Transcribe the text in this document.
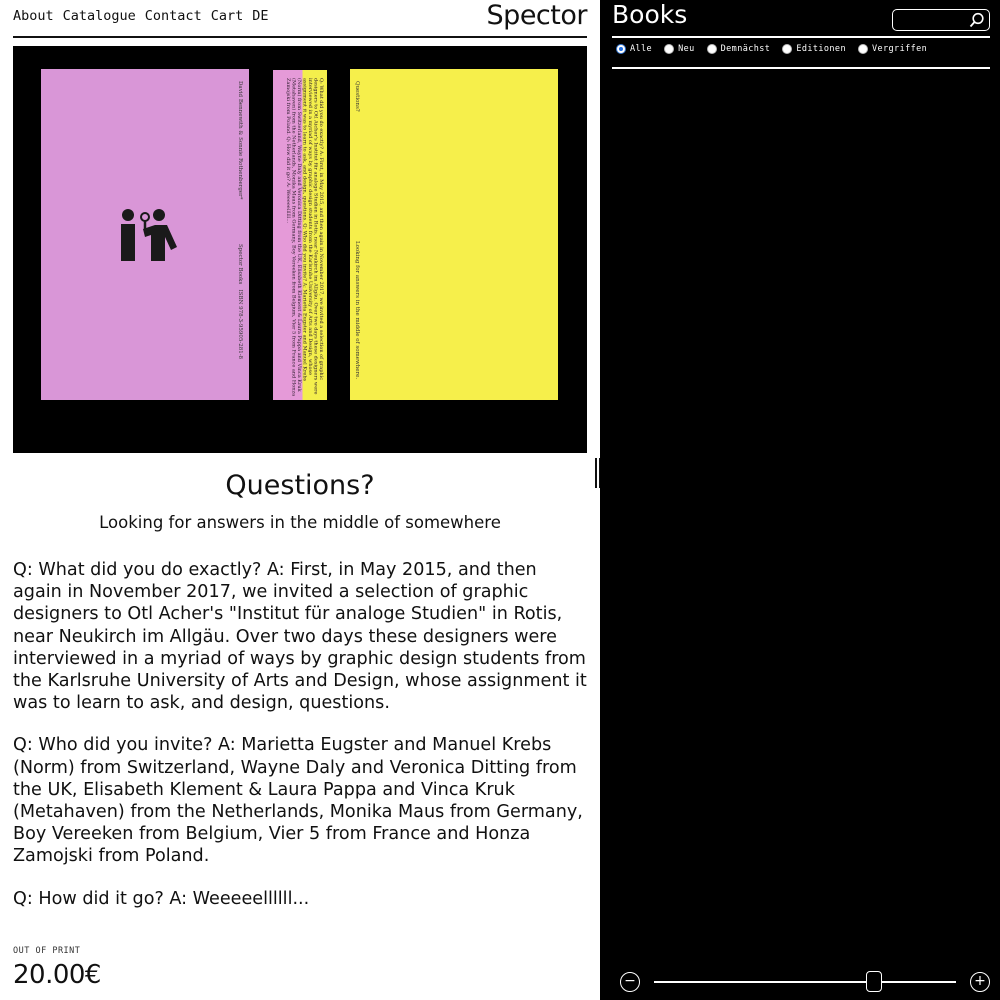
About Catalogue Contact Cart DE	Spector
David Bennewith & Sonnie Rothenberger*
Spector Books   ISBN 978-3-95905-281-8	Q: What did you do exactly? A: First, in May 2015, and then again in November 2017, we invited a selection of graphic designers to Otl Aicher's Institut für analoge Studien in Rotis, near Neukirch im Allgäu. Over two days these designers were interviewed in a myriad of ways by graphic design students from the Karlsruhe University of Arts and Design, whose assignment it was to learn to ask, and design, questions. Q: Who did you invite? A: Marietta Eugster and Manuel Krebs (Norm) from Switzerland, Wayne Daly and Veronica Ditting from the UK, Elisabeth Klement & Laura Pappa and Vinca Kruk (Metahaven) from the Netherlands, Monika Maus from Germany, Boy Vereeken from Belgium, Vier 5 from France and Honza Zamojski from Poland. Q: How did it go? A: Weeeeellllll...	Questions?
Looking for answers in the middle of somewhere.
Questions?
Looking for answers in the middle of somewhere

Q: What did you do exactly? A: First, in May 2015, and then again in November 2017, we invited a selection of graphic designers to Otl Acher's "Institut für analoge Studien" in Rotis, near Neukirch im Allgäu. Over two days these designers were interviewed in a myriad of ways by graphic design students from the Karlsruhe University of Arts and Design, whose assignment it was to learn to ask, and design, questions.

Q: Who did you invite? A: Marietta Eugster and Manuel Krebs (Norm) from Switzerland, Wayne Daly and Veronica Ditting from the UK, Elisabeth Klement & Laura Pappa and Vinca Kruk (Metahaven) from the Netherlands, Monika Maus from Germany, Boy Vereeken from Belgium, Vier 5 from France and Honza Zamojski from Poland.

Q: How did it go? A: Weeeeellllll...

OUT OF PRINT
20.00€
Books
Alle	Neu	Demnächst	Editionen	Vergriffen
−	+
